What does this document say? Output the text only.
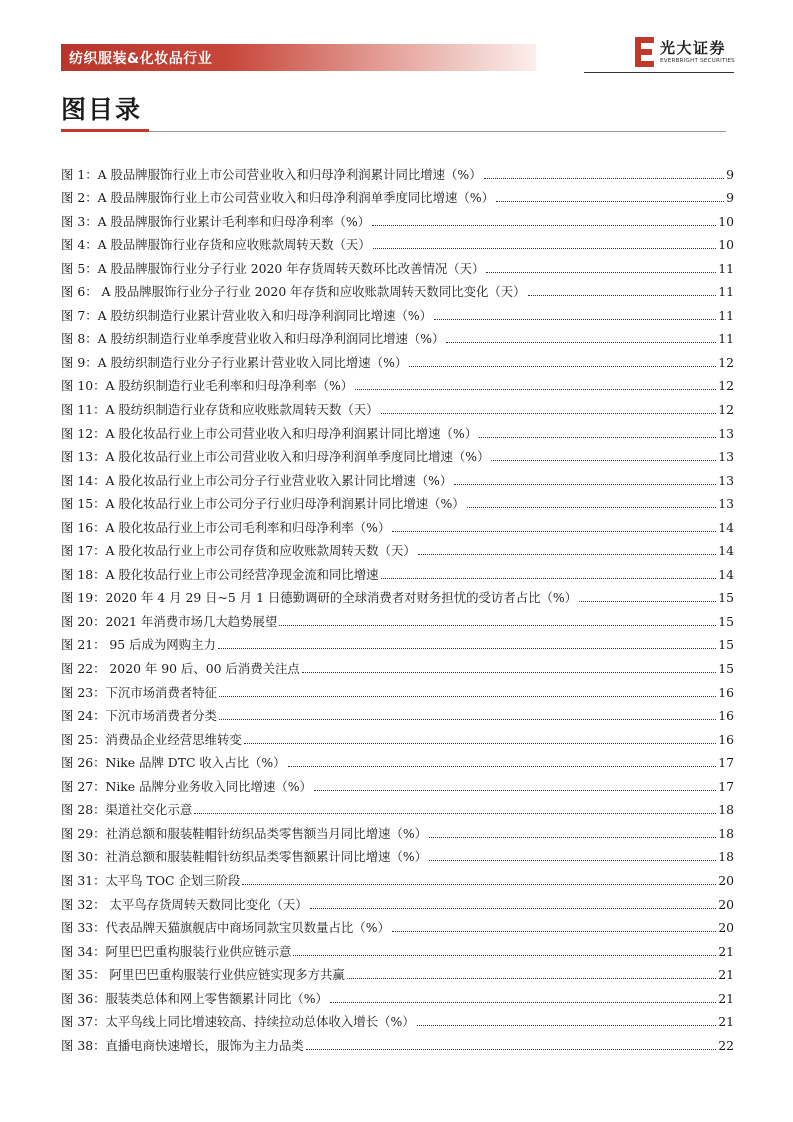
纺织服装&化妆品行业
光大证券
EVERBRIGHT SECURITIES
图目录
图 1：A 股品牌服饰行业上市公司营业收入和归母净利润累计同比增速（%）	9
图 2：A 股品牌服饰行业上市公司营业收入和归母净利润单季度同比增速（%）	9
图 3：A 股品牌服饰行业累计毛利率和归母净利率（%）	10
图 4：A 股品牌服饰行业存货和应收账款周转天数（天）	10
图 5：A 股品牌服饰行业分子行业 2020 年存货周转天数环比改善情况（天）	11
图 6： A 股品牌服饰行业分子行业 2020 年存货和应收账款周转天数同比变化（天）	11
图 7：A 股纺织制造行业累计营业收入和归母净利润同比增速（%）	11
图 8：A 股纺织制造行业单季度营业收入和归母净利润同比增速（%）	11
图 9：A 股纺织制造行业分子行业累计营业收入同比增速（%）	12
图 10：A 股纺织制造行业毛利率和归母净利率（%）	12
图 11：A 股纺织制造行业存货和应收账款周转天数（天）	12
图 12：A 股化妆品行业上市公司营业收入和归母净利润累计同比增速（%）	13
图 13：A 股化妆品行业上市公司营业收入和归母净利润单季度同比增速（%）	13
图 14：A 股化妆品行业上市公司分子行业营业收入累计同比增速（%）	13
图 15：A 股化妆品行业上市公司分子行业归母净利润累计同比增速（%）	13
图 16：A 股化妆品行业上市公司毛利率和归母净利率（%）	14
图 17：A 股化妆品行业上市公司存货和应收账款周转天数（天）	14
图 18：A 股化妆品行业上市公司经营净现金流和同比增速	14
图 19：2020 年 4 月 29 日~5 月 1 日德勤调研的全球消费者对财务担忧的受访者占比（%）	15
图 20：2021 年消费市场几大趋势展望	15
图 21： 95 后成为网购主力	15
图 22： 2020 年 90 后、00 后消费关注点	15
图 23：下沉市场消费者特征	16
图 24：下沉市场消费者分类	16
图 25：消费品企业经营思维转变	16
图 26：Nike 品牌 DTC 收入占比（%）	17
图 27：Nike 品牌分业务收入同比增速（%）	17
图 28：渠道社交化示意	18
图 29：社消总额和服装鞋帽针纺织品类零售额当月同比增速（%）	18
图 30：社消总额和服装鞋帽针纺织品类零售额累计同比增速（%）	18
图 31：太平鸟 TOC 企划三阶段	20
图 32： 太平鸟存货周转天数同比变化（天）	20
图 33：代表品牌天猫旗舰店中商场同款宝贝数量占比（%）	20
图 34：阿里巴巴重构服装行业供应链示意	21
图 35： 阿里巴巴重构服装行业供应链实现多方共赢	21
图 36：服装类总体和网上零售额累计同比（%）	21
图 37：太平鸟线上同比增速较高、持续拉动总体收入增长（%）	21
图 38：直播电商快速增长，服饰为主力品类	22
